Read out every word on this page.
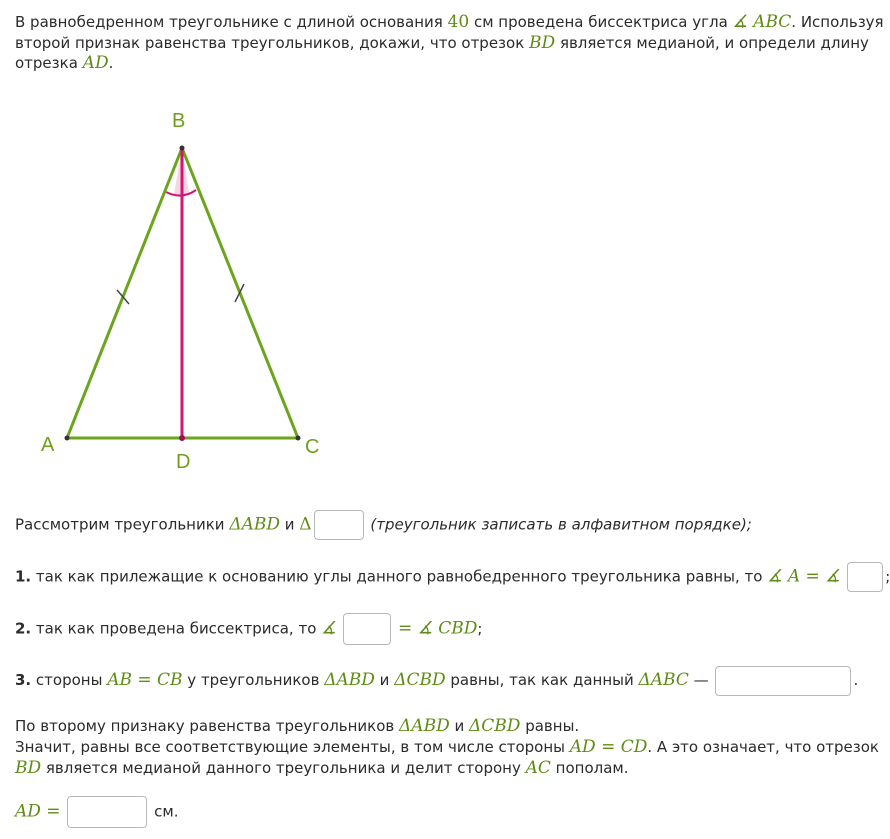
В равнобедренном треугольнике с длиной основания 40 см проведена биссектриса угла ∡ ABC. Используя
второй признак равенства треугольников, докажи, что отрезок BD является медианой, и определи длину
отрезка AD.
B
A	C
D
Рассмотрим треугольники ΔABD и Δ	(треугольник записать в алфавитном порядке);
1. так как прилежащие к основанию углы данного равнобедренного треугольника равны, то ∡ A = ∡	;
2. так как проведена биссектриса, то ∡	= ∡ CBD;
3. стороны AB = CB у треугольников ΔABD и ΔCBD равны, так как данный ΔABC —	.
По второму признаку равенства треугольников ΔABD и ΔCBD равны.
Значит, равны все соответствующие элементы, в том числе стороны AD = CD. А это означает, что отрезок
BD является медианой данного треугольника и делит сторону AC пополам.
AD =	см.
